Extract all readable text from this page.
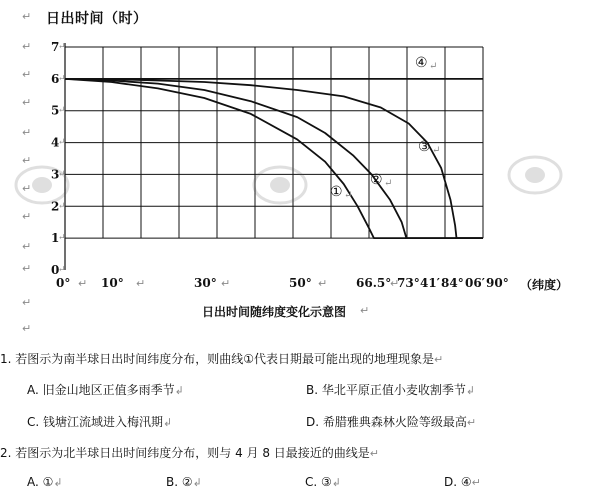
↵
↵
↵
↵
↵
↵
↵
↵
↵
↵
↵
↵
日出时间（时）
0
↵
1
↵
2
↵
3
↵
4
↵
5
↵
6
↵
7
↵
① ↵
② ↵
③ ↵
④ ↵
0° ↵ 10° ↵	30° ↵	50° ↵ 66.5°
↵
73° 41′ 84° 06′ 90° （纬度）
日出时间随纬度变化示意图 ↵
1. 若图示为南半球日出时间纬度分布，则曲线①代表日期最可能出现的地理现象是↵
A. 旧金山地区正值多雨季节↲	B. 华北平原正值小麦收割季节↲
C. 钱塘江流域进入梅汛期↲	D. 希腊雅典森林火险等级最高↵
2. 若图示为北半球日出时间纬度分布，则与 4 月 8 日最接近的曲线是↵
A. ①↲	B. ②↲	C. ③↲	D. ④↵
